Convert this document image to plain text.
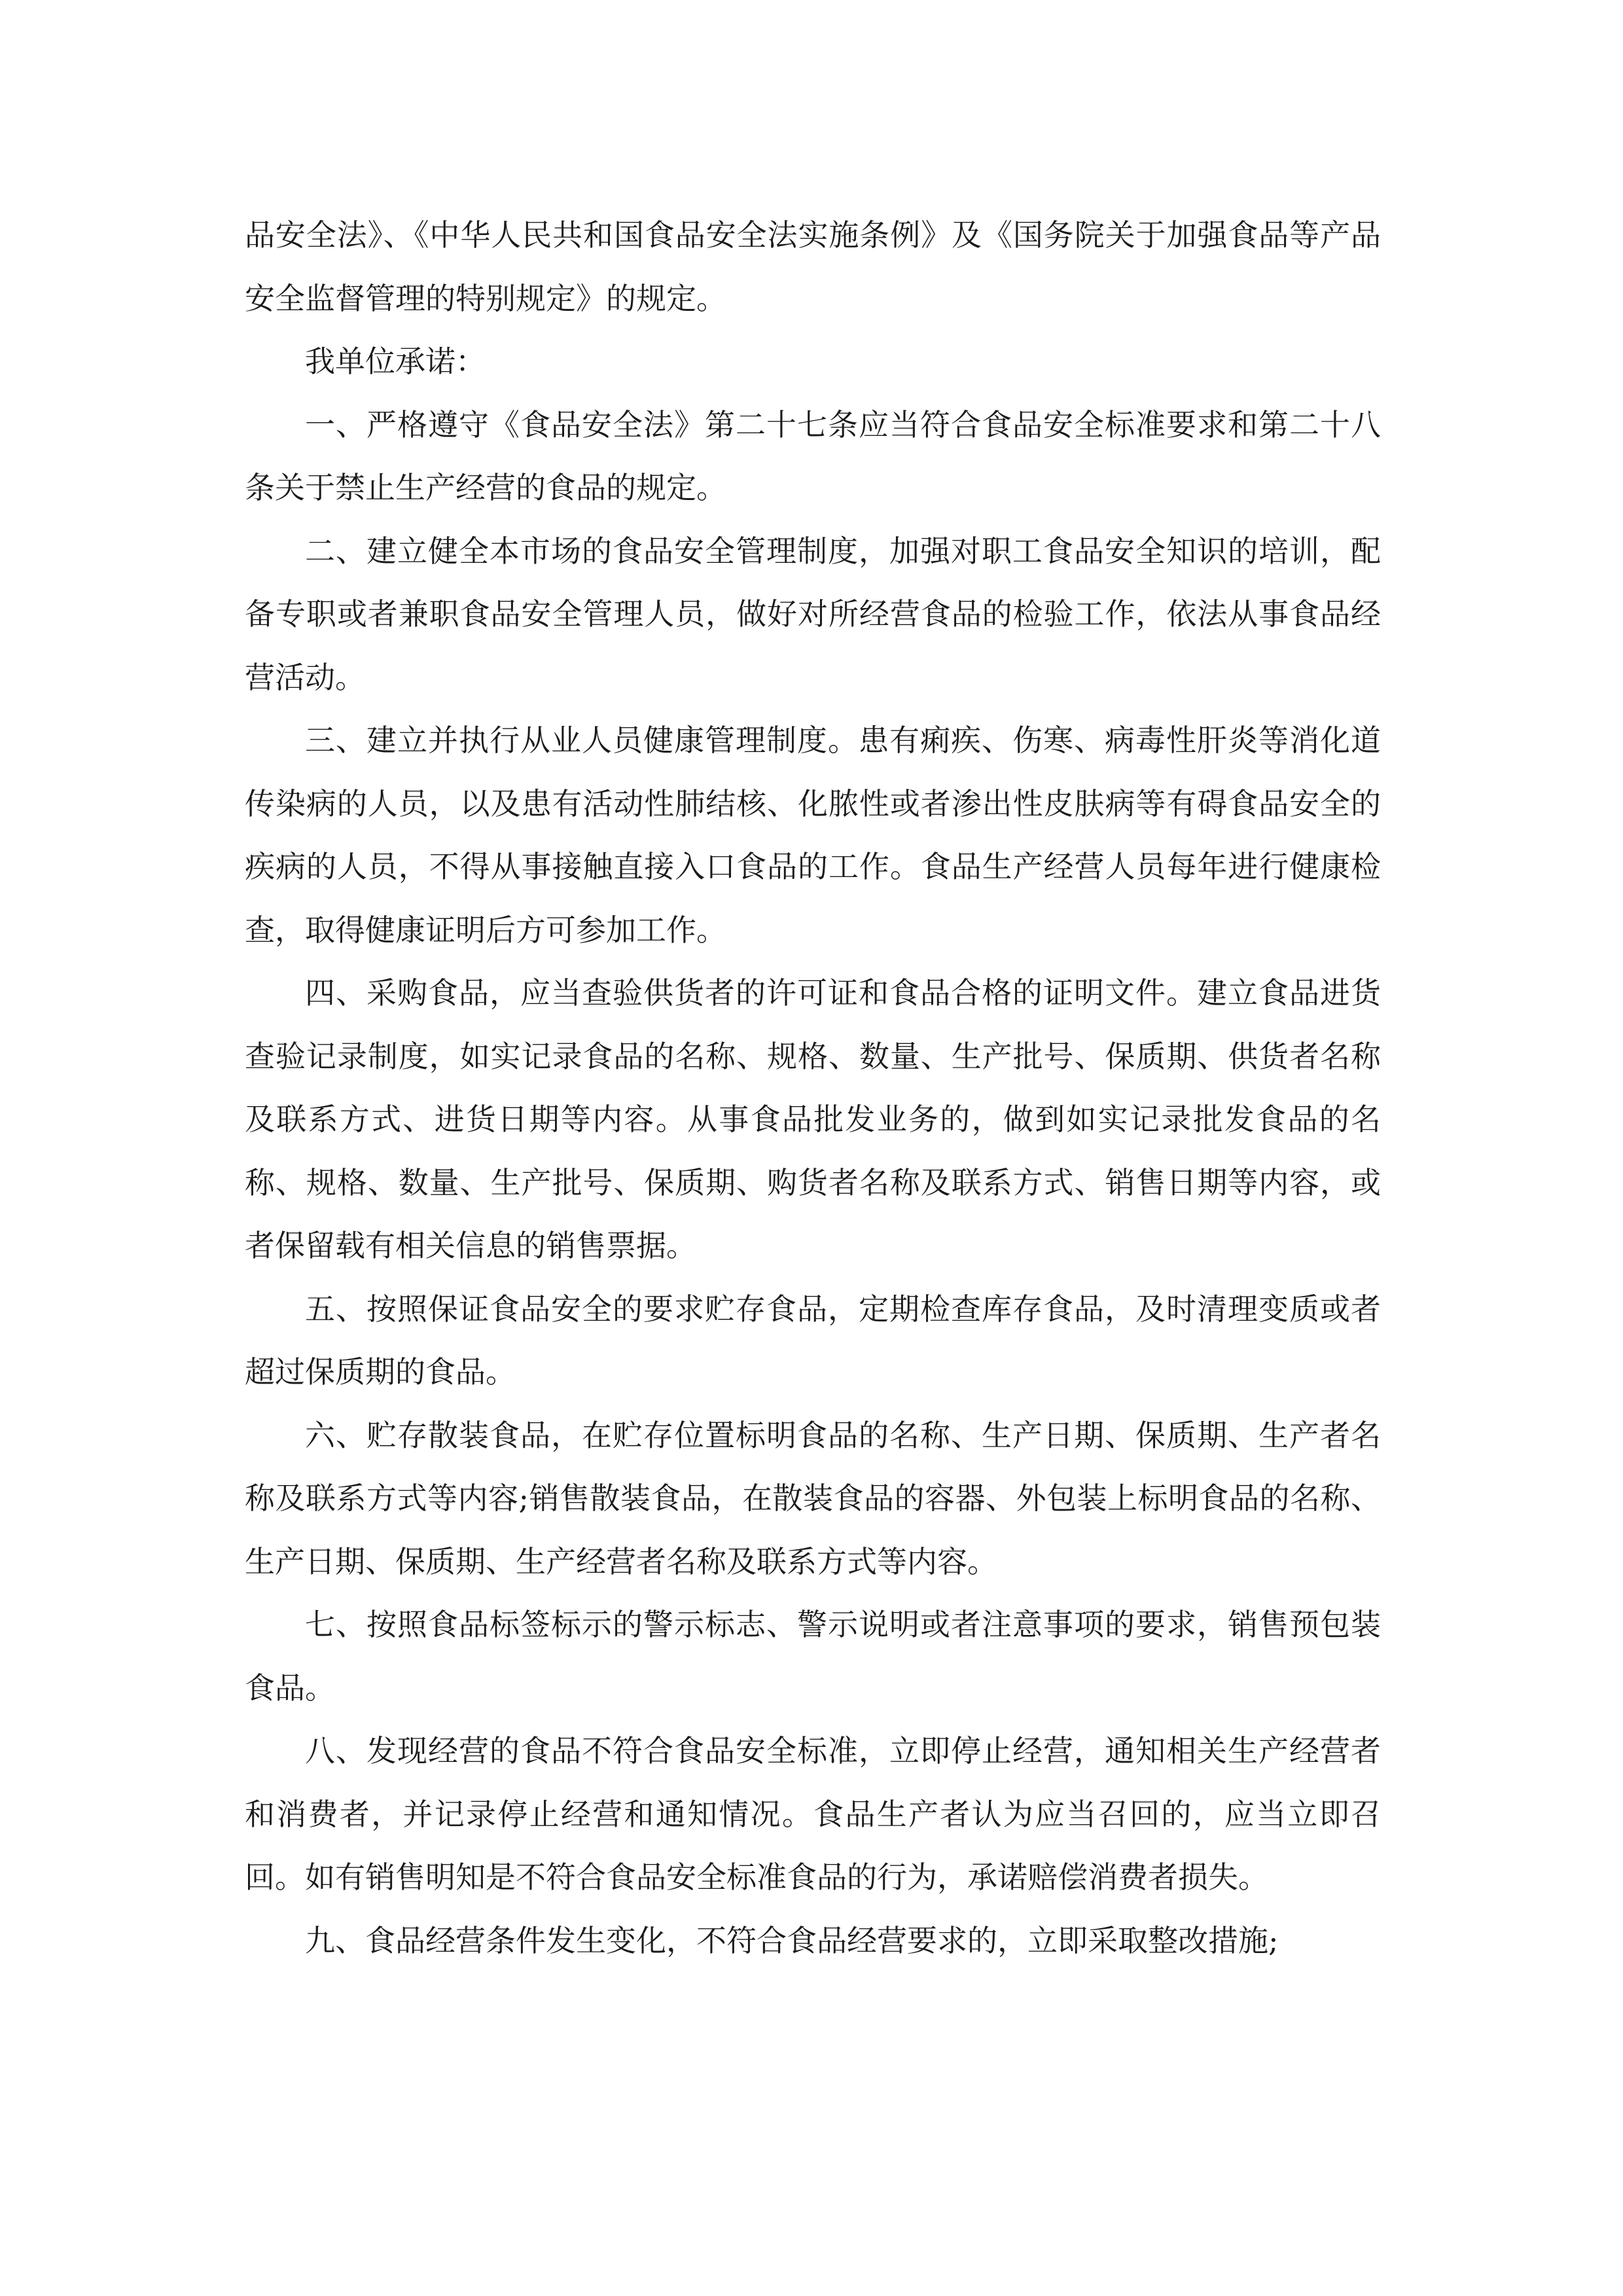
品安全法》、《中华人民共和国食品安全法实施条例》及《国务院关于加强食品等产品安全监督管理的特别规定》的规定。

我单位承诺：

一、严格遵守《食品安全法》第二十七条应当符合食品安全标准要求和第二十八条关于禁止生产经营的食品的规定。

二、建立健全本市场的食品安全管理制度，加强对职工食品安全知识的培训，配备专职或者兼职食品安全管理人员，做好对所经营食品的检验工作，依法从事食品经营活动。

三、建立并执行从业人员健康管理制度。患有痢疾、伤寒、病毒性肝炎等消化道传染病的人员，以及患有活动性肺结核、化脓性或者渗出性皮肤病等有碍食品安全的疾病的人员，不得从事接触直接入口食品的工作。食品生产经营人员每年进行健康检查，取得健康证明后方可参加工作。

四、采购食品，应当查验供货者的许可证和食品合格的证明文件。建立食品进货查验记录制度，如实记录食品的名称、规格、数量、生产批号、保质期、供货者名称及联系方式、进货日期等内容。从事食品批发业务的，做到如实记录批发食品的名称、规格、数量、生产批号、保质期、购货者名称及联系方式、销售日期等内容，或者保留载有相关信息的销售票据。

五、按照保证食品安全的要求贮存食品，定期检查库存食品，及时清理变质或者超过保质期的食品。

六、贮存散装食品，在贮存位置标明食品的名称、生产日期、保质期、生产者名称及联系方式等内容;销售散装食品，在散装食品的容器、外包装上标明食品的名称、生产日期、保质期、生产经营者名称及联系方式等内容。

七、按照食品标签标示的警示标志、警示说明或者注意事项的要求，销售预包装食品。

八、发现经营的食品不符合食品安全标准，立即停止经营，通知相关生产经营者和消费者，并记录停止经营和通知情况。食品生产者认为应当召回的，应当立即召回。如有销售明知是不符合食品安全标准食品的行为，承诺赔偿消费者损失。

九、食品经营条件发生变化，不符合食品经营要求的，立即采取整改措施;
